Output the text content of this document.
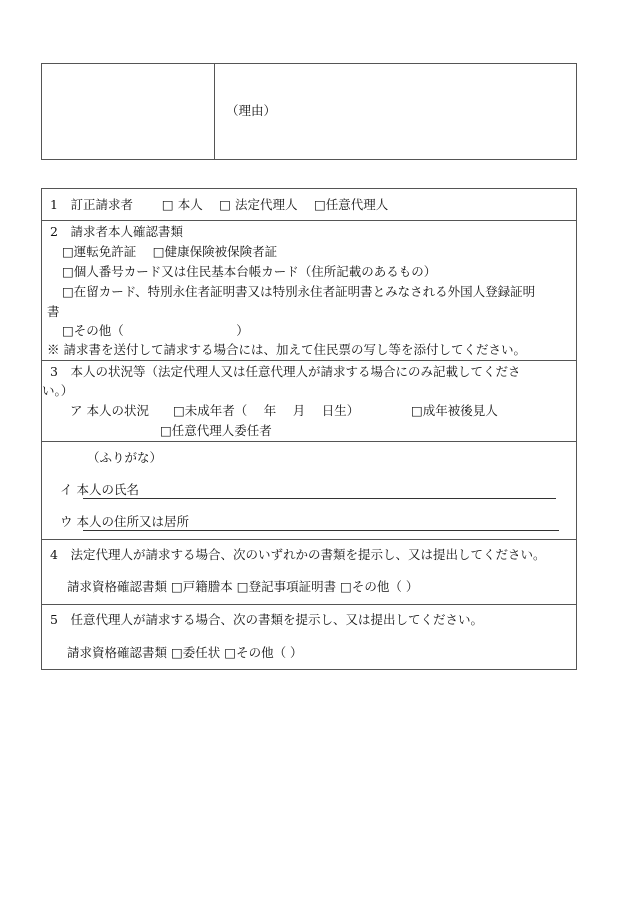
（理由）
1　訂正請求者　　 □ 本人　 □ 法定代理人　 □任意代理人
2　請求者本人確認書類
□運転免許証　 □健康保険被保険者証
□個人番号カード又は住民基本台帳カード（住所記載のあるもの）
□在留カード、特別永住者証明書又は特別永住者証明書とみなされる外国人登録証明
書
□その他（　　　　　　　　　）
※ 請求書を送付して請求する場合には、加えて住民票の写し等を添付してください。
3　本人の状況等（法定代理人又は任意代理人が請求する場合にのみ記載してくださ
い。）
ア 本人の状況 □未成年者（　 年　 月　 日生）	□成年被後見人
□任意代理人委任者
（ふりがな）
イ 本人の氏名
ウ 本人の住所又は居所
4　法定代理人が請求する場合、次のいずれかの書類を提示し、又は提出してください。
請求資格確認書類 □戸籍謄本 □登記事項証明書 □その他（ ）
5　任意代理人が請求する場合、次の書類を提示し、又は提出してください。
請求資格確認書類 □委任状 □その他（ ）
